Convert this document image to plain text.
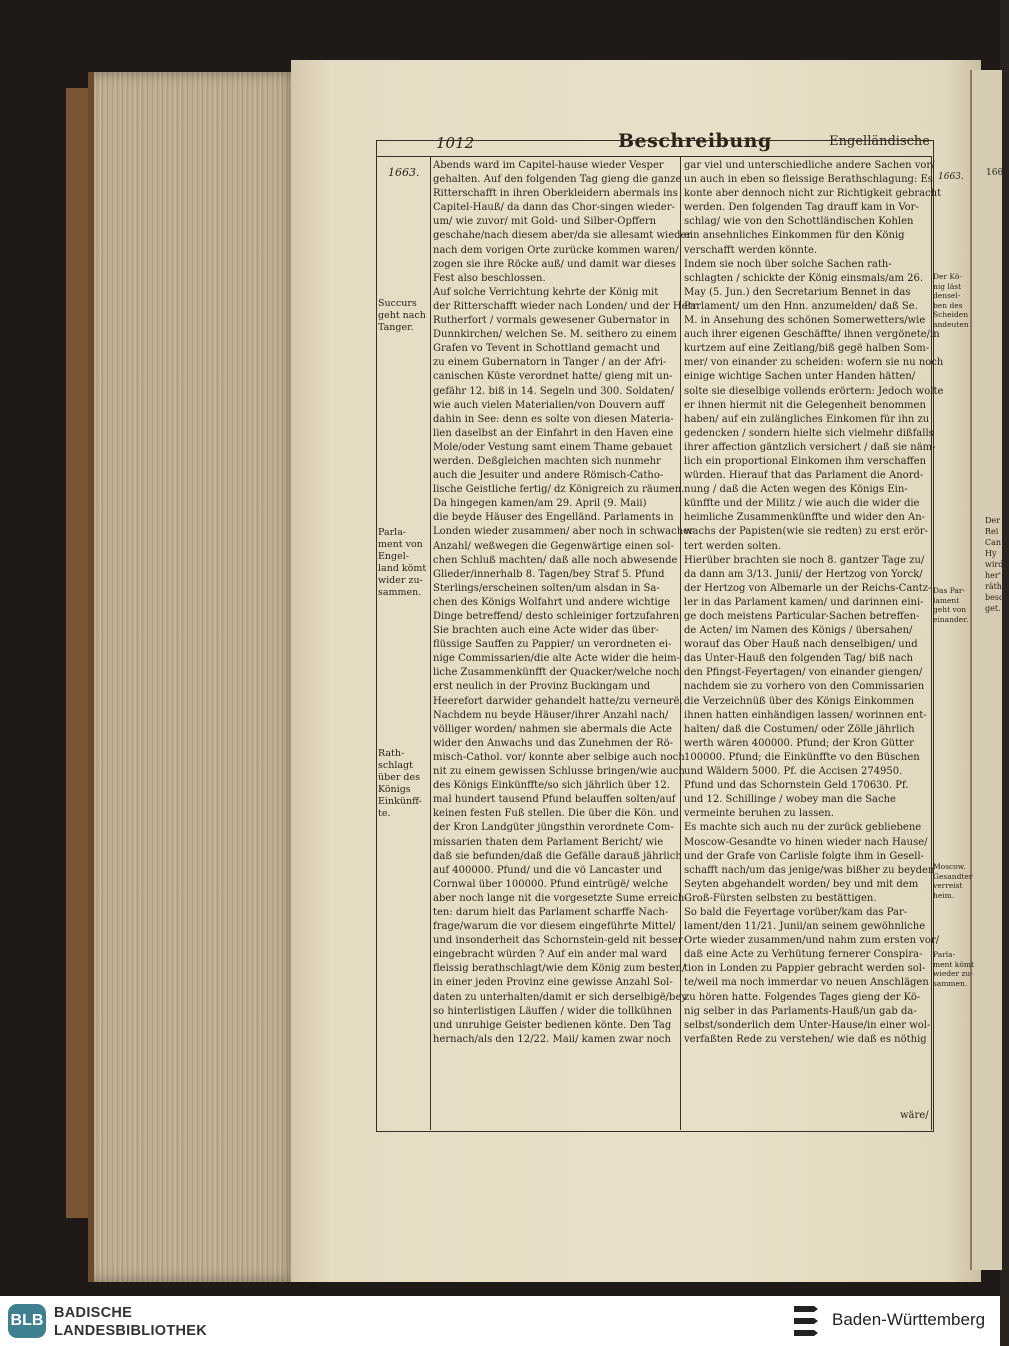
1012	Beschreibung	Engelländische
1663.	1663. 166
Succurs
geht nach
Tanger.
Parla-
ment von
Engel-
land kömt
wider zu-
sammen.
Rath-
schlagt
über des
Königs
Einkünff-
te.
Der Kö-
nig läst
densel-
ben des
Scheiden
andeuten
Das Par-
lament
geht von
einander.
Moscow.
Gesandter
verreist
heim.
Parla-
ment kömt
wieder zu-
sammen.

Abends ward im Capitel-hause wieder Vesper

gehalten. Auf den folgenden Tag gieng die ganze

Ritterschafft in ihren Oberkleidern abermals ins

Capitel-Hauß/ da dann das Chor-singen wieder-

um/ wie zuvor/ mit Gold- und Silber-Opffern

geschahe/nach diesem aber/da sie allesamt wieder

nach dem vorigen Orte zurücke kommen waren/

zogen sie ihre Röcke auß/ und damit war dieses

Fest also beschlossen.

Auf solche Verrichtung kehrte der König mit

der Ritterschafft wieder nach Londen/ und der Herr

Rutherfort / vormals gewesener Gubernator in

Dunnkirchen/ welchen Se. M. seithero zu einem

Grafen vo Tevent in Schottland gemacht und

zu einem Gubernatorn in Tanger / an der Afri-

canischen Küste verordnet hatte/ gieng mit un-

gefähr 12. biß in 14. Segeln und 300. Soldaten/

wie auch vielen Materialien/von Douvern auff

dahin in See: denn es solte von diesen Materia-

lien daselbst an der Einfahrt in den Haven eine

Mole/oder Vestung samt einem Thame gebauet

werden. Deßgleichen machten sich nunmehr

auch die Jesuiter und andere Römisch-Catho-

lische Geistliche fertig/ dz Königreich zu räumen.

Da hingegen kamen/am 29. April (9. Maii)

die beyde Häuser des Engelländ. Parlaments in

Londen wieder zusammen/ aber noch in schwacher

Anzahl/ weßwegen die Gegenwärtige einen sol-

chen Schluß machten/ daß alle noch abwesende

Glieder/innerhalb 8. Tagen/bey Straf 5. Pfund

Sterlings/erscheinen solten/um alsdan in Sa-

chen des Königs Wolfahrt und andere wichtige

Dinge betreffend/ desto schleiniger fortzufahren.

Sie brachten auch eine Acte wider das über-

flüssige Sauffen zu Pappier/ un verordneten ei-

nige Commissarien/die alte Acte wider die heim-

liche Zusammenkünfft der Quacker/welche noch

erst neulich in der Provinz Buckingam und

Heerefort darwider gehandelt hatte/zu verneurë.

Nachdem nu beyde Häuser/ihrer Anzahl nach/

völliger worden/ nahmen sie abermals die Acte

wider den Anwachs und das Zunehmen der Rö-

misch-Cathol. vor/ konnte aber selbige auch noch

nit zu einem gewissen Schlusse bringen/wie auch

des Königs Einkünffte/so sich jährlich über 12.

mal hundert tausend Pfund belauffen solten/auf

keinen festen Fuß stellen. Die über die Kön. und

der Kron Landgüter jüngsthin verordnete Com-

missarien thaten dem Parlament Bericht/ wie

daß sie befunden/daß die Gefälle darauß jährlich

auf 400000. Pfund/ und die vö Lancaster und

Cornwal über 100000. Pfund eintrügë/ welche

aber noch lange nit die vorgesetzte Sume erreich-

ten: darum hielt das Parlament scharffe Nach-

frage/warum die vor diesem eingeführte Mittel/

und insonderheit das Schornstein-geld nit besser

eingebracht würden ? Auf ein ander mal ward

fleissig berathschlagt/wie dem König zum besten/

in einer jeden Provinz eine gewisse Anzahl Sol-

daten zu unterhalten/damit er sich derselbigë/bey

so hinterlistigen Läuffen / wider die tollkühnen

und unruhige Geister bedienen könte. Den Tag

hernach/als den 12/22. Maii/ kamen zwar noch

gar viel und unterschiedliche andere Sachen vor/

un auch in eben so fleissige Berathschlagung: Es

konte aber dennoch nicht zur Richtigkeit gebracht

werden. Den folgenden Tag drauff kam in Vor-

schlag/ wie von den Schottländischen Kohlen

ein ansehnliches Einkommen für den König

verschafft werden könnte.

Indem sie noch über solche Sachen rath-

schlagten / schickte der König einsmals/am 26.

May (5. Jun.) den Secretarium Bennet in das

Parlament/ um den Hnn. anzumelden/ daß Se.

M. in Ansehung des schönen Somerwetters/wie

auch ihrer eigenen Geschäffte/ ihnen vergönete/in

kurtzem auf eine Zeitlang/biß gegë halben Som-

mer/ von einander zu scheiden: wofern sie nu noch

einige wichtige Sachen unter Handen hätten/

solte sie dieselbige vollends erörtern: Jedoch wolte

er ihnen hiermit nit die Gelegenheit benommen

haben/ auf ein zulängliches Einkomen für ihn zu

gedencken / sondern hielte sich vielmehr dißfalls

ihrer affection gäntzlich versichert / daß sie näm-

lich ein proportional Einkomen ihm verschaffen

würden. Hierauf that das Parlament die Anord-

nung / daß die Acten wegen des Königs Ein-

künffte und der Militz / wie auch die wider die

heimliche Zusammenkünffte und wider den An-

wachs der Papisten(wie sie redten) zu erst erör-

tert werden solten.

Hierüber brachten sie noch 8. gantzer Tage zu/

da dann am 3/13. Junii/ der Hertzog von Yorck/

der Hertzog von Albemarle un der Reichs-Cantz-

ler in das Parlament kamen/ und darinnen eini-

ge doch meistens Particular-Sachen betreffen-

de Acten/ im Namen des Königs / übersahen/

worauf das Ober Hauß nach denselbigen/ und

das Unter-Hauß den folgenden Tag/ biß nach

den Pfingst-Feyertagen/ von einander giengen/

nachdem sie zu vorhero von den Commissarien

die Verzeichnüß über des Königs Einkommen

ihnen hatten einhändigen lassen/ worinnen ent-

halten/ daß die Costumen/ oder Zölle jährlich

werth wären 400000. Pfund; der Kron Gütter

100000. Pfund; die Einkünffte vo den Büschen

und Wäldern 5000. Pf. die Accisen 274950.

Pfund und das Schornstein Geld 170630. Pf.

und 12. Schillinge / wobey man die Sache

vermeinte beruhen zu lassen.

Es machte sich auch nu der zurück gebliebene

Moscow-Gesandte vo hinen wieder nach Hause/

und der Grafe von Carlisle folgte ihm in Gesell-

schafft nach/um das jenige/was bißher zu beyden

Seyten abgehandelt worden/ bey und mit dem

Groß-Fürsten selbsten zu bestättigen.

So bald die Feyertage vorüber/kam das Par-

lament/den 11/21. Junii/an seinem gewöhnliche

Orte wieder zusammen/und nahm zum ersten vor/

daß eine Acte zu Verhütung fernerer Conspira-

tion in Londen zu Pappier gebracht werden sol-

te/weil ma noch immerdar vo neuen Anschlägen

zu hören hatte. Folgendes Tages gieng der Kö-

nig selber in das Parlaments-Hauß/un gab da-

selbst/sonderlich dem Unter-Hause/in einer wol-

verfaßten Rede zu verstehen/ wie daß es nöthig

wäre/
Der
Rei
Can
Hy
wird
her'
räth
besch
get.
BLB BADISCHE
LANDESBIBLIOTHEK
Baden-Württemberg
